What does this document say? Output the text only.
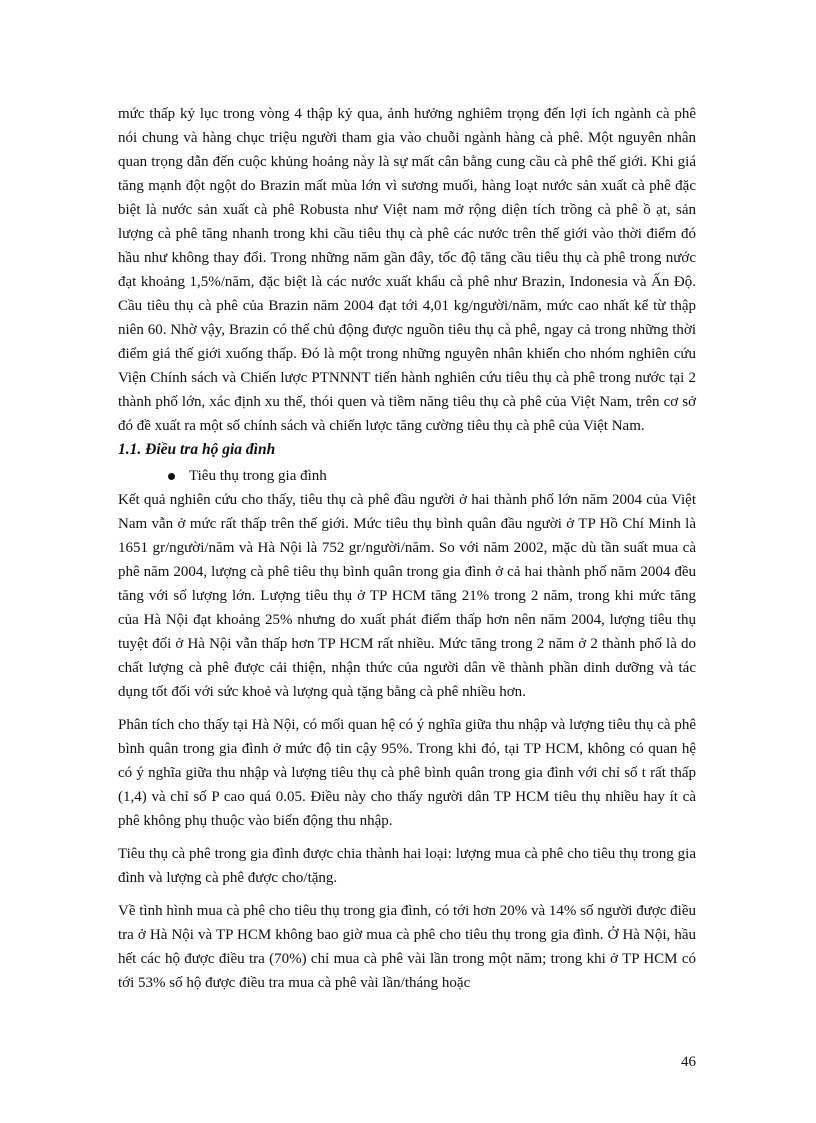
mức thấp kỷ lục trong vòng 4 thập kỷ qua, ảnh hưởng nghiêm trọng đến lợi ích ngành cà phê nói chung và hàng chục triệu người tham gia vào chuỗi ngành hàng cà phê. Một nguyên nhân quan trọng dẫn đến cuộc khủng hoảng này là sự mất cân bằng cung cầu cà phê thế giới. Khi giá tăng mạnh đột ngột do Brazin mất mùa lớn vì sương muối, hàng loạt nước sản xuất cà phê đặc biệt là nước sản xuất cà phê Robusta như Việt nam mở rộng diện tích trồng cà phê ồ ạt, sản lượng cà phê tăng nhanh trong khi cầu tiêu thụ cà phê các nước trên thế giới vào thời điểm đó hầu như không thay đổi. Trong những năm gần đây, tốc độ tăng cầu tiêu thụ cà phê trong nước đạt khoảng 1,5%/năm, đặc biệt là các nước xuất khẩu cà phê như Brazin, Indonesia và Ấn Độ. Cầu tiêu thụ cà phê của Brazin năm 2004 đạt tới 4,01 kg/người/năm, mức cao nhất kể từ thập niên 60. Nhờ vậy, Brazin có thể chủ động được nguồn tiêu thụ cà phê, ngay cả trong những thời điểm giá thế giới xuống thấp. Đó là một trong những nguyên nhân khiến cho nhóm nghiên cứu Viện Chính sách và Chiến lược PTNNNT tiến hành nghiên cứu tiêu thụ cà phê trong nước tại 2 thành phố lớn, xác định xu thế, thói quen và tiềm năng tiêu thụ cà phê của Việt Nam, trên cơ sở đó đề xuất ra một số chính sách và chiến lược tăng cường tiêu thụ cà phê của Việt Nam.

1.1. Điều tra hộ gia đình

Tiêu thụ trong gia đình

Kết quả nghiên cứu cho thấy, tiêu thụ cà phê đầu người ở hai thành phố lớn năm 2004 của Việt Nam vẫn ở mức rất thấp trên thế giới. Mức tiêu thụ bình quân đầu người ở TP Hồ Chí Minh là 1651 gr/người/năm và Hà Nội là 752 gr/người/năm. So với năm 2002, mặc dù tần suất mua cà phê năm 2004, lượng cà phê tiêu thụ bình quân trong gia đình ở cả hai thành phố năm 2004 đều tăng với số lượng lớn. Lượng tiêu thụ ở TP HCM tăng 21% trong 2 năm, trong khi mức tăng của Hà Nội đạt khoảng 25% nhưng do xuất phát điểm thấp hơn nên năm 2004, lượng tiêu thụ tuyệt đối ở Hà Nội vẫn thấp hơn TP HCM rất nhiều. Mức tăng trong 2 năm ở 2 thành phố là do chất lượng cà phê được cải thiện, nhận thức của người dân về thành phần dinh dưỡng và tác dụng tốt đối với sức khoẻ và lượng quà tặng bằng cà phê nhiều hơn.

Phân tích cho thấy tại Hà Nội, có mối quan hệ có ý nghĩa giữa thu nhập và lượng tiêu thụ cà phê bình quân trong gia đình ở mức độ tin cậy 95%. Trong khi đó, tại TP HCM, không có quan hệ có ý nghĩa giữa thu nhập và lượng tiêu thụ cà phê bình quân trong gia đình với chỉ số t rất thấp (1,4) và chỉ số P cao quá 0.05. Điều này cho thấy người dân TP HCM tiêu thụ nhiều hay ít cà phê không phụ thuộc vào biến động thu nhập.

Tiêu thụ cà phê trong gia đình được chia thành hai loại: lượng mua cà phê cho tiêu thụ trong gia đình và lượng cà phê được cho/tặng.

Về tình hình mua cà phê cho tiêu thụ trong gia đình, có tới hơn 20% và 14% số người được điều tra ở Hà Nội và TP HCM không bao giờ mua cà phê cho tiêu thụ trong gia đình. Ở Hà Nội, hầu hết các hộ được điều tra (70%) chỉ mua cà phê vài lần trong một năm; trong khi ở TP HCM có tới 53% số hộ được điều tra mua cà phê vài lần/tháng hoặc

46
